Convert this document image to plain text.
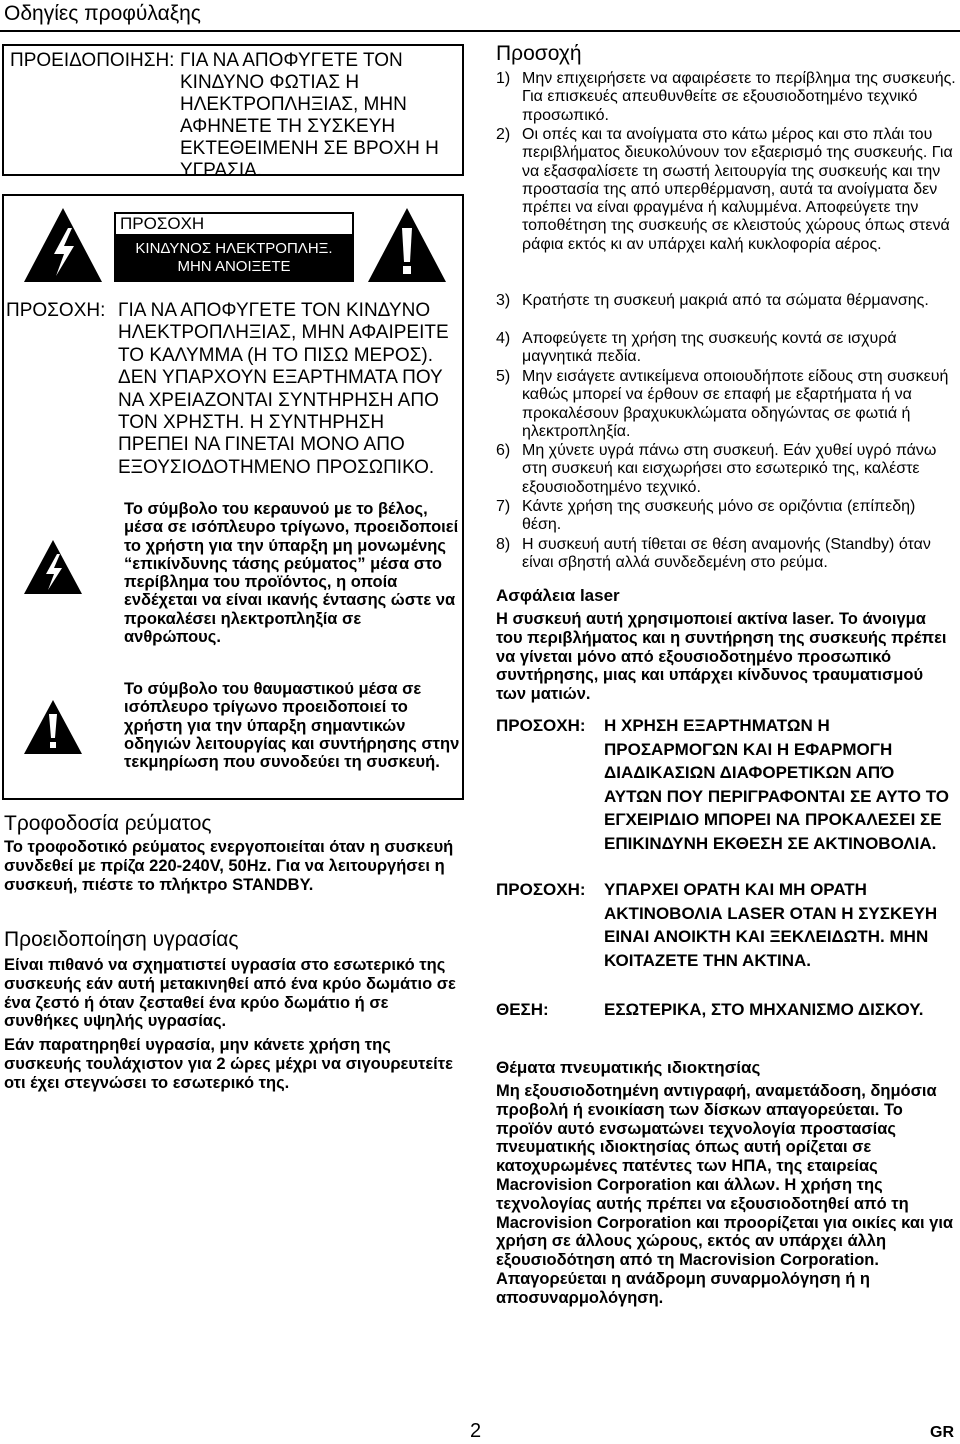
Οδηγίες προφύλαξης
ΠΡΟΕΙΔΟΠΟΙΗΣΗ: ΓΙΑ ΝΑ ΑΠΟΦΥΓΕΤΕ ΤΟΝ ΚΙΝΔΥΝΟ ΦΩΤΙΑΣ Η ΗΛΕΚΤΡΟΠΛΗΞΙΑΣ, ΜΗΝ ΑΦΗΝΕΤΕ ΤΗ ΣΥΣΚΕΥΗ ΕΚΤΕΘΕΙΜΕΝΗ ΣΕ ΒΡΟΧΗ Η ΥΓΡΑΣΙΑ.
ΠΡΟΣΟΧΗ
ΚΙΝΔΥΝΟΣ ΗΛΕΚΤΡΟΠΛΗΞ.
ΜΗΝ ΑΝΟΙΞΕΤΕ
ΠΡΟΣΟΧΗ: ΓΙΑ ΝΑ ΑΠΟΦΥΓΕΤΕ ΤΟΝ ΚΙΝΔΥΝΟ ΗΛΕΚΤΡΟΠΛΗΞΙΑΣ, ΜΗΝ ΑΦΑΙΡΕΙΤΕ ΤΟ ΚΑΛΥΜΜΑ (Η ΤΟ ΠΙΣΩ ΜΕΡΟΣ). ΔΕΝ ΥΠΑΡΧΟΥΝ ΕΞΑΡΤΗΜΑΤΑ ΠΟΥ ΝΑ ΧΡΕΙΑΖΟΝΤΑΙ ΣΥΝΤΗΡΗΣΗ ΑΠΟ ΤΟΝ ΧΡΗΣΤΗ. Η ΣΥΝΤΗΡΗΣΗ ΠΡΕΠΕΙ ΝΑ ΓΙΝΕΤΑΙ ΜΟΝΟ ΑΠΟ ΕΞΟΥΣΙΟΔΟΤΗΜΕΝΟ ΠΡΟΣΩΠΙΚΟ.
Το σύμβολο του κεραυνού με το βέλος, μέσα σε ισόπλευρο τρίγωνο, προειδοποιεί το χρήστη για την ύπαρξη μη μονωμένης “επικίνδυνης τάσης ρεύματος” μέσα στο περίβλημα του προϊόντος, η οποία ενδέχεται να είναι ικανής έντασης ώστε να προκαλέσει ηλεκτροπληξία σε ανθρώπους.
Το σύμβολο του θαυμαστικού μέσα σε ισόπλευρο τρίγωνο προειδοποιεί το χρήστη για την ύπαρξη σημαντικών οδηγιών λειτουργίας και συντήρησης στην τεκμηρίωση που συνοδεύει τη συσκευή.
Τροφοδοσία ρεύματος
Το τροφοδοτικό ρεύματος ενεργοποιείται όταν η συσκευή συνδεθεί με πρίζα 220-240V, 50Hz. Για να λειτουργήσει η συσκευή, πιέστε το πλήκτρο STANDBY.
Προειδοποίηση υγρασίας
Είναι πιθανό να σχηματιστεί υγρασία στο εσωτερικό της συσκευής εάν αυτή μετακινηθεί από ένα κρύο δωμάτιο σε ένα ζεστό ή όταν ζεσταθεί ένα κρύο δωμάτιο ή σε συνθήκες υψηλής υγρασίας.
Εάν παρατηρηθεί υγρασία, μην κάνετε χρήση της συσκευής τουλάχιστον για 2 ώρες μέχρι να σιγουρευτείτε οτι έχει στεγνώσει το εσωτερικό της.
Προσοχή
1) Μην επιχειρήσετε να αφαιρέσετε το περίβλημα της συσκευής. Για επισκευές απευθυνθείτε σε εξουσιοδοτημένο τεχνικό προσωπικό.
2) Οι οπές και τα ανοίγματα στο κάτω μέρος και στο πλάι του περιβλήματος διευκολύνουν τον εξαερισμό της συσκευής. Για να εξασφαλίσετε τη σωστή λειτουργία της συσκευής και την προστασία της από υπερθέρμανση, αυτά τα ανοίγματα δεν πρέπει να είναι φραγμένα ή καλυμμένα. Αποφεύγετε την τοποθέτηση της συσκευής σε κλειστούς χώρους όπως στενά ράφια εκτός κι αν υπάρχει καλή κυκλοφορία αέρος.
3) Κρατήστε τη συσκευή μακριά από τα σώματα θέρμανσης.
4) Αποφεύγετε τη χρήση της συσκευής κοντά σε ισχυρά μαγνητικά πεδία.
5) Μην εισάγετε αντικείμενα οποιουδήποτε είδους στη συσκευή καθώς μπορεί να έρθουν σε επαφή με εξαρτήματα ή να προκαλέσουν βραχυκυκλώματα οδηγώντας σε φωτιά ή ηλεκτροπληξία.
6) Μη χύνετε υγρά πάνω στη συσκευή. Εάν χυθεί υγρό πάνω στη συσκευή και εισχωρήσει στο εσωτερικό της, καλέστε εξουσιοδοτημένο τεχνικό.
7) Κάντε χρήση της συσκευής μόνο σε οριζόντια (επίπεδη) θέση.
8) Η συσκευή αυτή τίθεται σε θέση αναμονής (Standby) όταν είναι σβηστή αλλά συνδεδεμένη στο ρεύμα.
Ασφάλεια laser
Η συσκευή αυτή χρησιμοποιεί ακτίνα laser. Το άνοιγμα του περιβλήματος και η συντήρηση της συσκευής πρέπει να γίνεται μόνο από εξουσιοδοτημένο προσωπικό συντήρησης, μιας και υπάρχει κίνδυνος τραυματισμού των ματιών.
ΠΡΟΣΟΧΗ: Η ΧΡΗΣΗ ΕΞΑΡΤΗΜΑΤΩΝ Η ΠΡΟΣΑΡΜΟΓΩΝ ΚΑΙ Η ΕΦΑΡΜΟΓΗ ΔΙΑΔΙΚΑΣΙΩΝ ΔΙΑΦΟΡΕΤΙΚΩΝ ΑΠΌ ΑΥΤΩΝ ΠΟΥ ΠΕΡΙΓΡΑΦΟΝΤΑΙ ΣΕ ΑΥΤΟ ΤΟ ΕΓΧΕΙΡΙΔΙΟ ΜΠΟΡΕΙ ΝΑ ΠΡΟΚΑΛΕΣΕΙ ΣΕ ΕΠΙΚΙΝΔΥΝΗ ΕΚΘΕΣΗ ΣΕ ΑΚΤΙΝΟΒΟΛΙΑ.
ΠΡΟΣΟΧΗ: ΥΠΑΡΧΕΙ ΟΡΑΤΗ ΚΑΙ ΜΗ ΟΡΑΤΗ ΑΚΤΙΝΟΒΟΛΙΑ LASER ΟΤΑΝ Η ΣΥΣΚΕΥΗ ΕΙΝΑΙ ΑΝΟΙΚΤΗ ΚΑΙ ΞΕΚΛΕΙΔΩΤΗ. ΜΗΝ ΚΟΙΤΑΖΕΤΕ ΤΗΝ ΑΚΤΙΝΑ.
ΘΕΣΗ:	ΕΣΩΤΕΡΙΚΑ, ΣΤΟ ΜΗΧΑΝΙΣΜΟ ΔΙΣΚΟΥ.
Θέματα πνευματικής ιδιοκτησίας
Μη εξουσιοδοτημένη αντιγραφή, αναμετάδοση, δημόσια προβολή ή ενοικίαση των δίσκων απαγορεύεται. Το προϊόν αυτό ενσωματώνει τεχνολογία προστασίας πνευματικής ιδιοκτησίας όπως αυτή ορίζεται σε κατοχυρωμένες πατέντες των ΗΠΑ, της εταιρείας Macrovision Corporation και άλλων. Η χρήση της τεχνολογίας αυτής πρέπει να εξουσιοδοτηθεί από τη Macrovision Corporation και προορίζεται για οικίες και για χρήση σε άλλους χώρους, εκτός αν υπάρχει άλλη εξουσιοδότηση από τη Macrovision Corporation. Απαγορεύεται η ανάδρομη συναρμολόγηση ή η αποσυναρμολόγηση.
2	GR
